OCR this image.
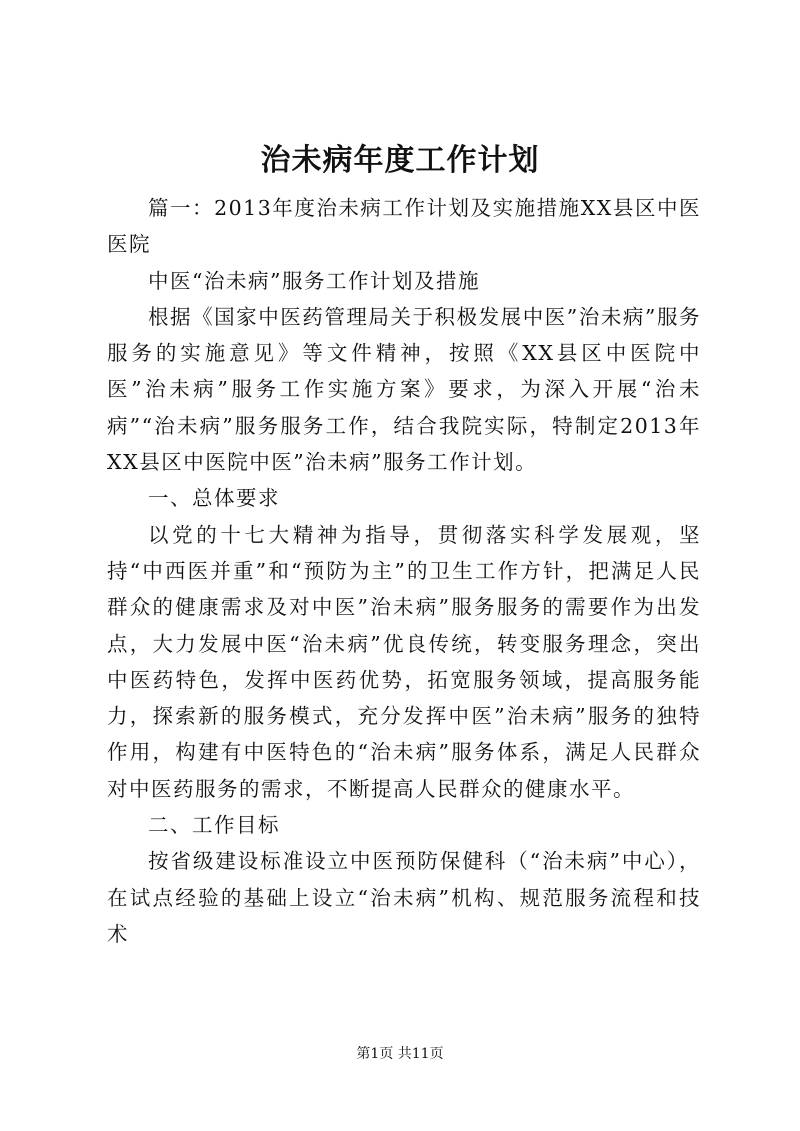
治未病年度工作计划

篇一：2013年度治未病工作计划及实施措施XX县区中医医院

中医“治未病”服务工作计划及措施

根据《国家中医药管理局关于积极发展中医”治未病”服务服务的实施意见》等文件精神，按照《XX县区中医院中医”治未病”服务工作实施方案》要求，为深入开展“治未病”“治未病”服务服务工作，结合我院实际，特制定2013年XX县区中医院中医”治未病”服务工作计划。

一、总体要求

以党的十七大精神为指导，贯彻落实科学发展观，坚持“中西医并重”和“预防为主”的卫生工作方针，把满足人民群众的健康需求及对中医”治未病”服务服务的需要作为出发点，大力发展中医“治未病”优良传统，转变服务理念，突出中医药特色，发挥中医药优势，拓宽服务领域，提高服务能力，探索新的服务模式，充分发挥中医”治未病”服务的独特作用，构建有中医特色的“治未病”服务体系，满足人民群众对中医药服务的需求，不断提高人民群众的健康水平。

二、工作目标

按省级建设标准设立中医预防保健科（“治未病”中心），在试点经验的基础上设立“治未病”机构、规范服务流程和技术

第1页 共11页
